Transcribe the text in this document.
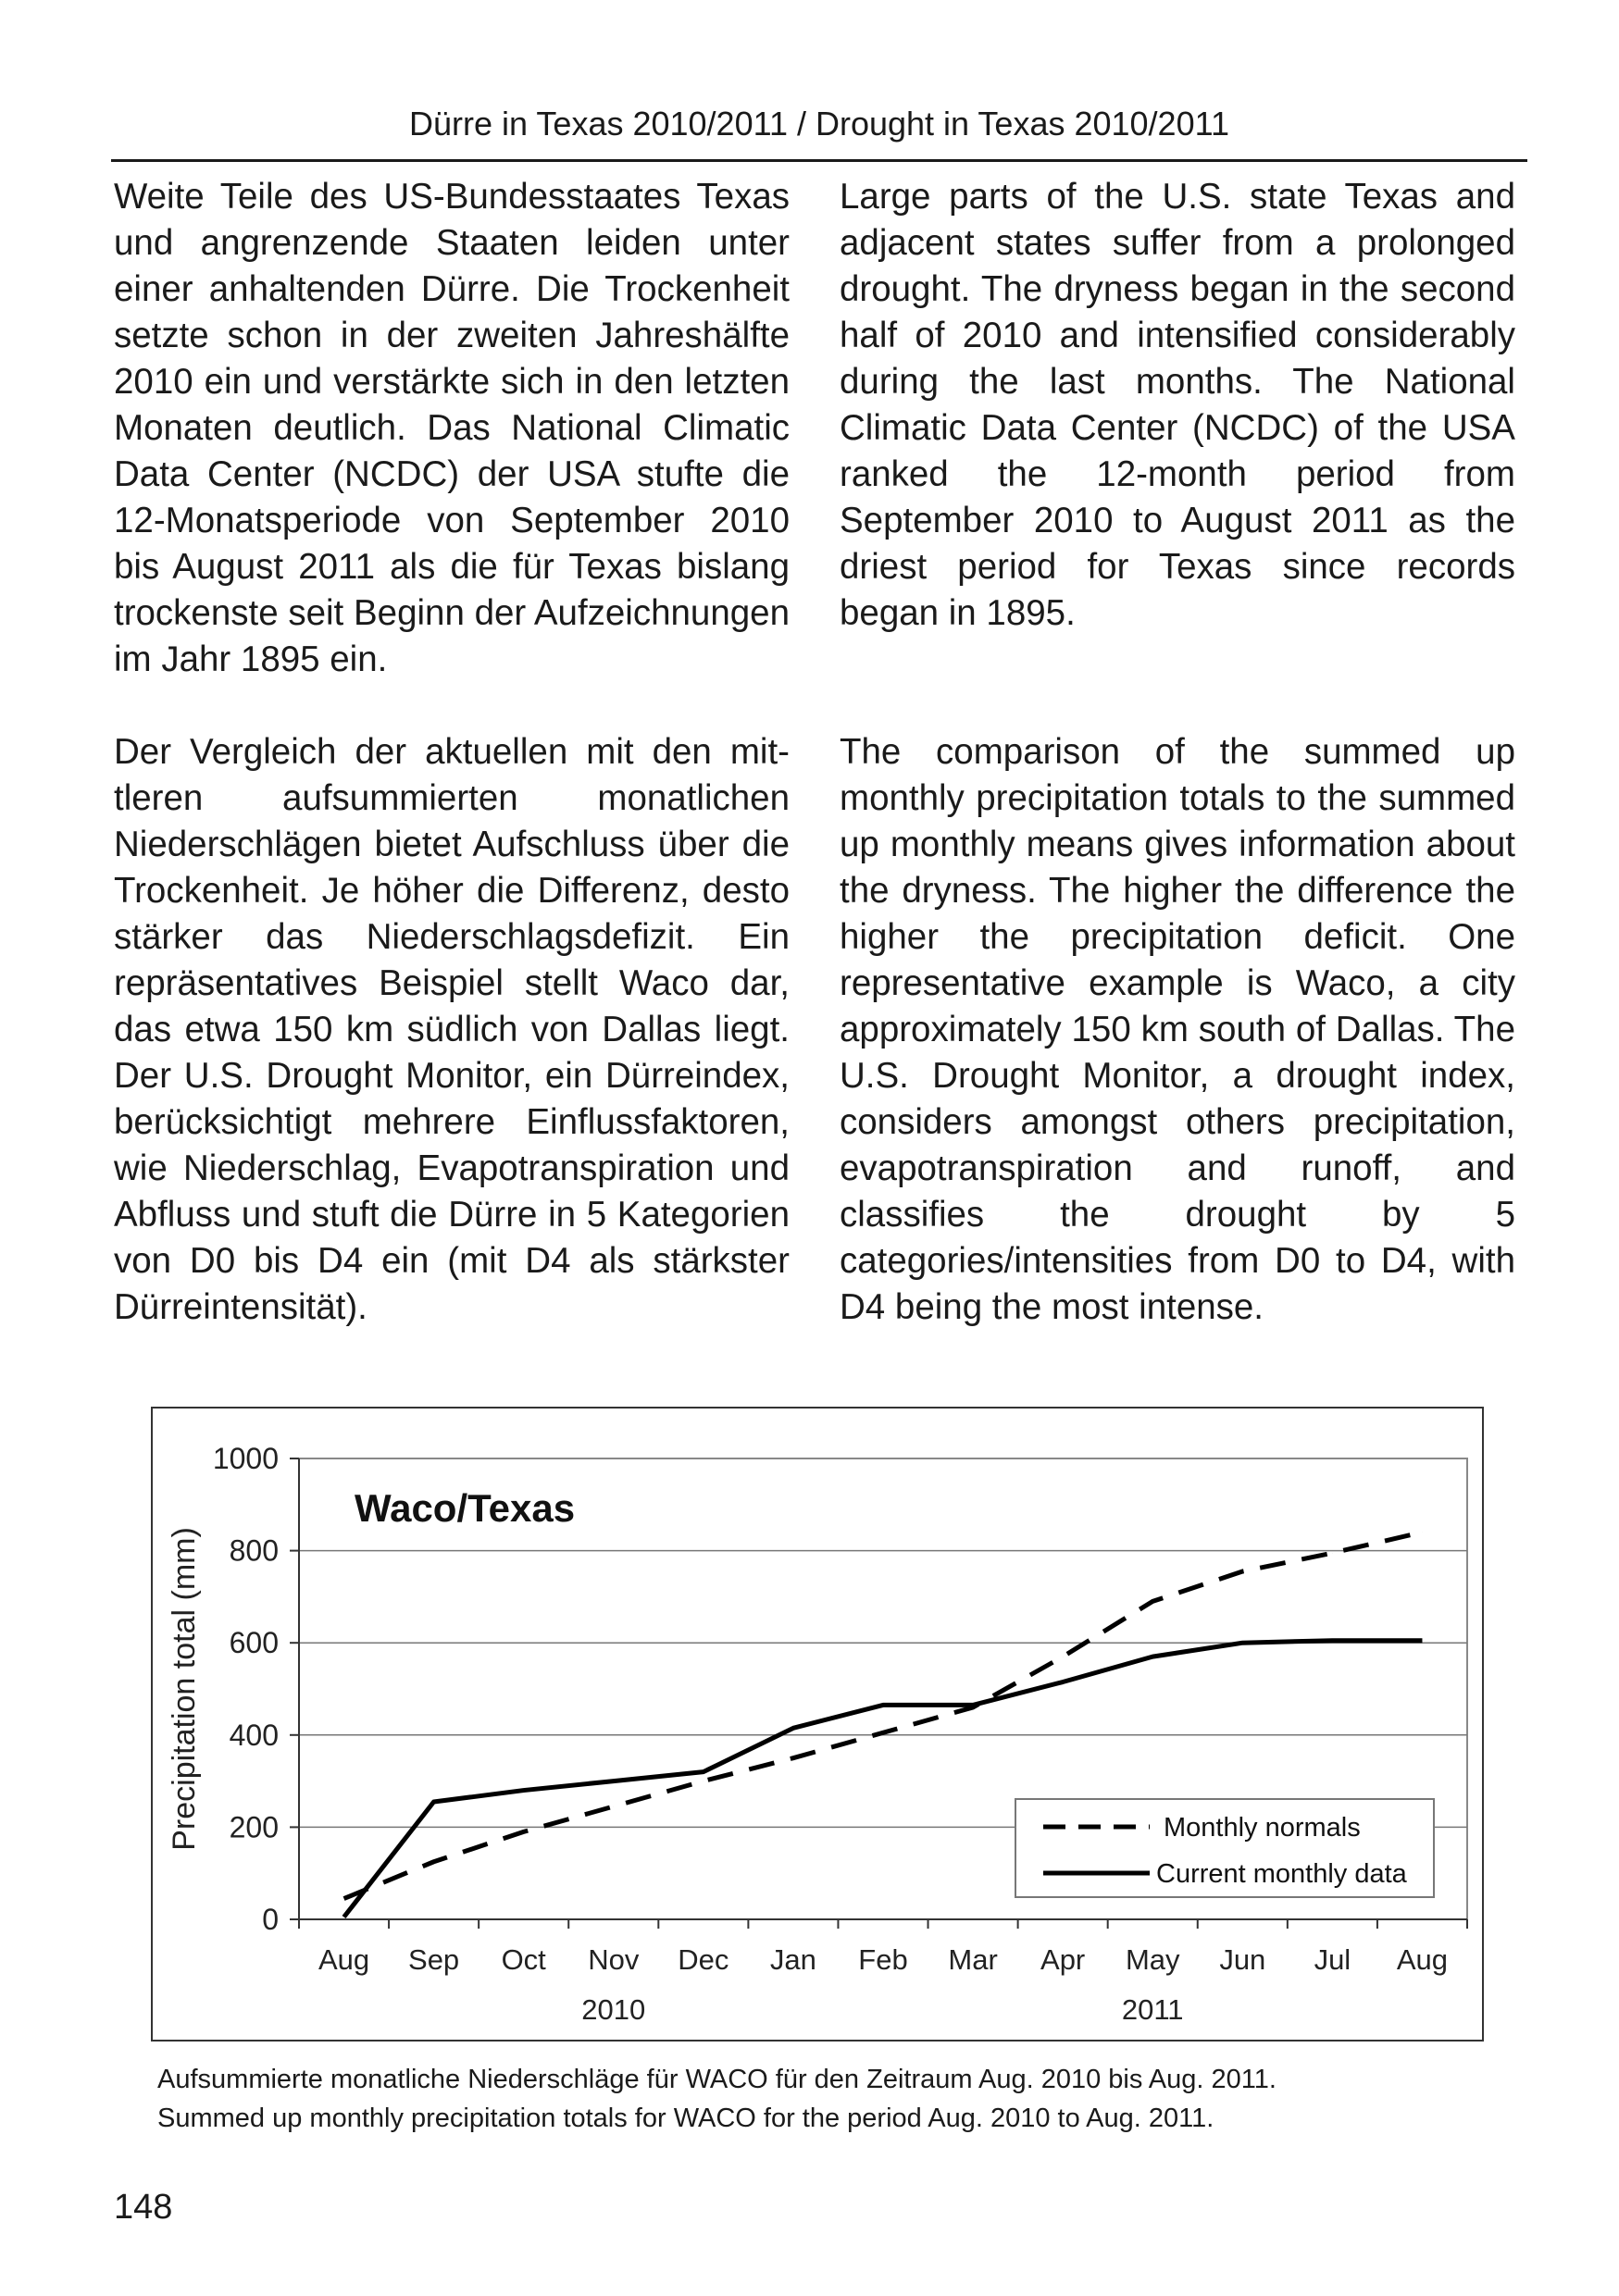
Dürre in Texas 2010/2011 / Drought in Texas 2010/2011

Weite Teile des US-Bundesstaates Texas und angrenzende Staaten leiden unter einer anhaltenden Dürre. Die Trockenheit setzte schon in der zweiten Jahreshälfte 2010 ein und verstärkte sich in den letzten Monaten deutlich. Das National Climatic Data Center (NCDC) der USA stufte die 12-Monatsperiode von September 2010 bis August 2011 als die für Texas bislang trockenste seit Beginn der Aufzeichnungen im Jahr 1895 ein.

Large parts of the U.S. state Texas and adjacent states suffer from a prolonged drought. The dryness began in the second half of 2010 and intensified considerably during the last months. The National Climatic Data Center (NCDC) of the USA ranked the 12-month period from September 2010 to August 2011 as the driest period for Texas since records began in 1895.

Der Vergleich der aktuellen mit den mittleren aufsummierten monatlichen Niederschlägen bietet Aufschluss über die Trockenheit. Je höher die Differenz, desto stärker das Niederschlagsdefizit. Ein repräsentatives Beispiel stellt Waco dar, das etwa 150 km südlich von Dallas liegt. Der U.S. Drought Monitor, ein Dürreindex, berücksichtigt mehrere Einflussfaktoren, wie Niederschlag, Evapotranspiration und Abfluss und stuft die Dürre in 5 Kategorien von D0 bis D4 ein (mit D4 als stärkster Dürreintensität).

The comparison of the summed up monthly precipitation totals to the summed up monthly means gives information about the dryness. The higher the difference the higher the precipitation deficit. One representative example is Waco, a city approximately 150 km south of Dallas. The U.S. Drought Monitor, a drought index, considers amongst others precipitation, evapotranspiration and runoff, and classifies the drought by 5 categories/intensities from D0 to D4, with D4 being the most intense.

0
200
400
600
800
1000
Aug Sep Oct Nov Dec Jan Feb Mar Apr May Jun Jul Aug
2010	2011
Precipitation total (mm)
Waco/Texas
Monthly normals
Current monthly data
Aufsummierte monatliche Niederschläge für WACO für den Zeitraum Aug. 2010 bis Aug. 2011.
Summed up monthly precipitation totals for WACO for the period Aug. 2010 to Aug. 2011.
148
